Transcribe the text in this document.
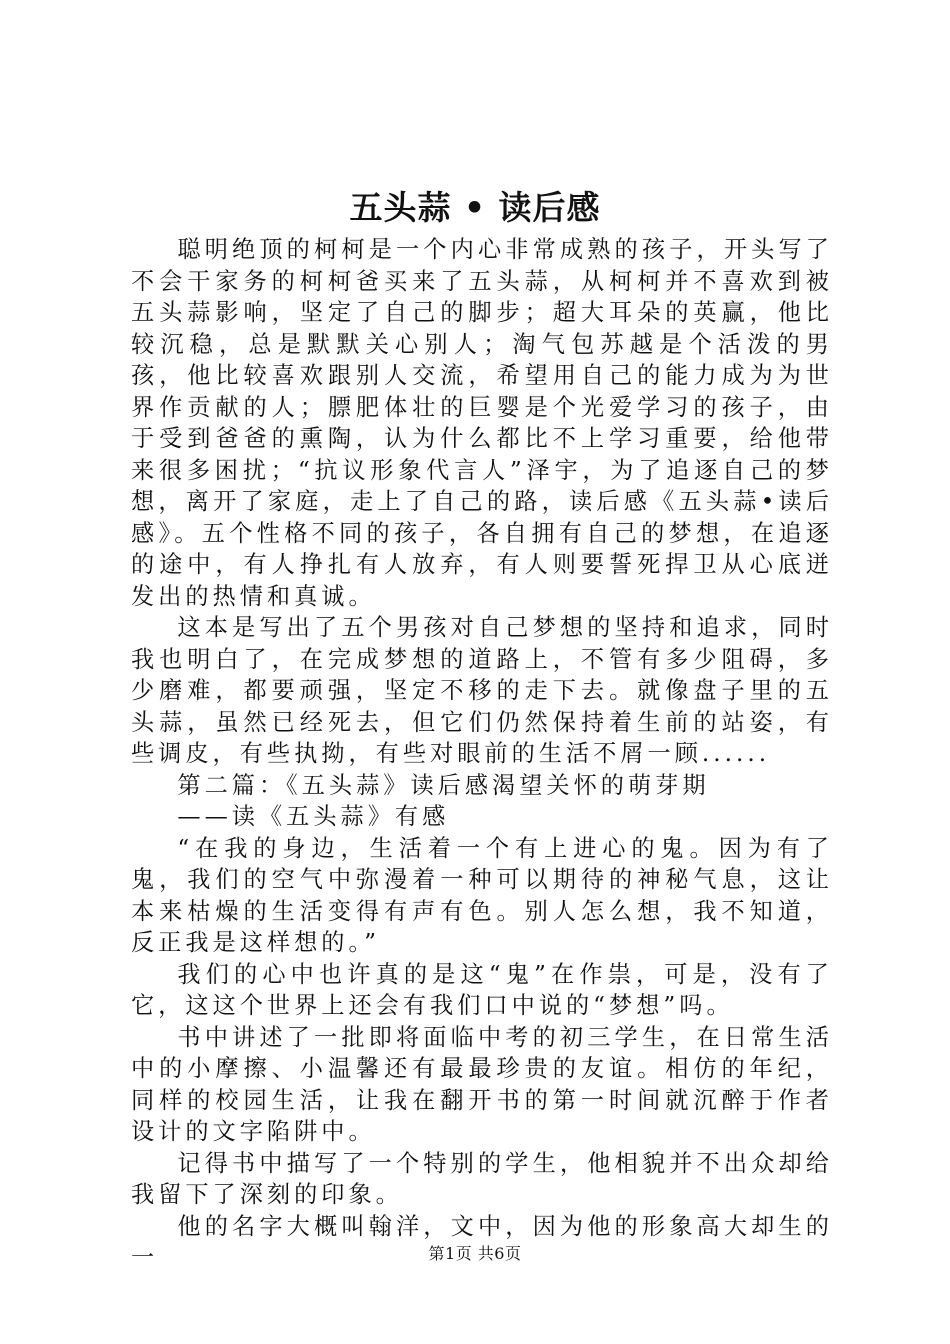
五头蒜 • 读后感

聪明绝顶的柯柯是一个内心非常成熟的孩子，开头写了不会干家务的柯柯爸买来了五头蒜，从柯柯并不喜欢到被五头蒜影响，坚定了自己的脚步；超大耳朵的英赢，他比较沉稳，总是默默关心别人；淘气包苏越是个活泼的男孩，他比较喜欢跟别人交流，希望用自己的能力成为为世界作贡献的人；膘肥体壮的巨婴是个光爱学习的孩子，由于受到爸爸的熏陶，认为什么都比不上学习重要，给他带来很多困扰；“抗议形象代言人”泽宇，为了追逐自己的梦想，离开了家庭，走上了自己的路，读后感《五头蒜•读后感》。五个性格不同的孩子，各自拥有自己的梦想，在追逐的途中，有人挣扎有人放弃，有人则要誓死捍卫从心底迸发出的热情和真诚。

这本是写出了五个男孩对自己梦想的坚持和追求，同时我也明白了，在完成梦想的道路上，不管有多少阻碍，多少磨难，都要顽强，坚定不移的走下去。就像盘子里的五头蒜，虽然已经死去，但它们仍然保持着生前的站姿，有些调皮，有些执拗，有些对眼前的生活不屑一顾......

第二篇：《五头蒜》读后感渴望关怀的萌芽期

——读《五头蒜》有感

“在我的身边，生活着一个有上进心的鬼。因为有了鬼，我们的空气中弥漫着一种可以期待的神秘气息，这让本来枯燥的生活变得有声有色。别人怎么想，我不知道，反正我是这样想的。”

我们的心中也许真的是这“鬼”在作祟，可是，没有了它，这这个世界上还会有我们口中说的“梦想”吗。

书中讲述了一批即将面临中考的初三学生，在日常生活中的小摩擦、小温馨还有最最珍贵的友谊。相仿的年纪，同样的校园生活，让我在翻开书的第一时间就沉醉于作者设计的文字陷阱中。

记得书中描写了一个特别的学生，他相貌并不出众却给我留下了深刻的印象。

他的名字大概叫翰洋，文中，因为他的形象高大却生的一	第1页 共6页
